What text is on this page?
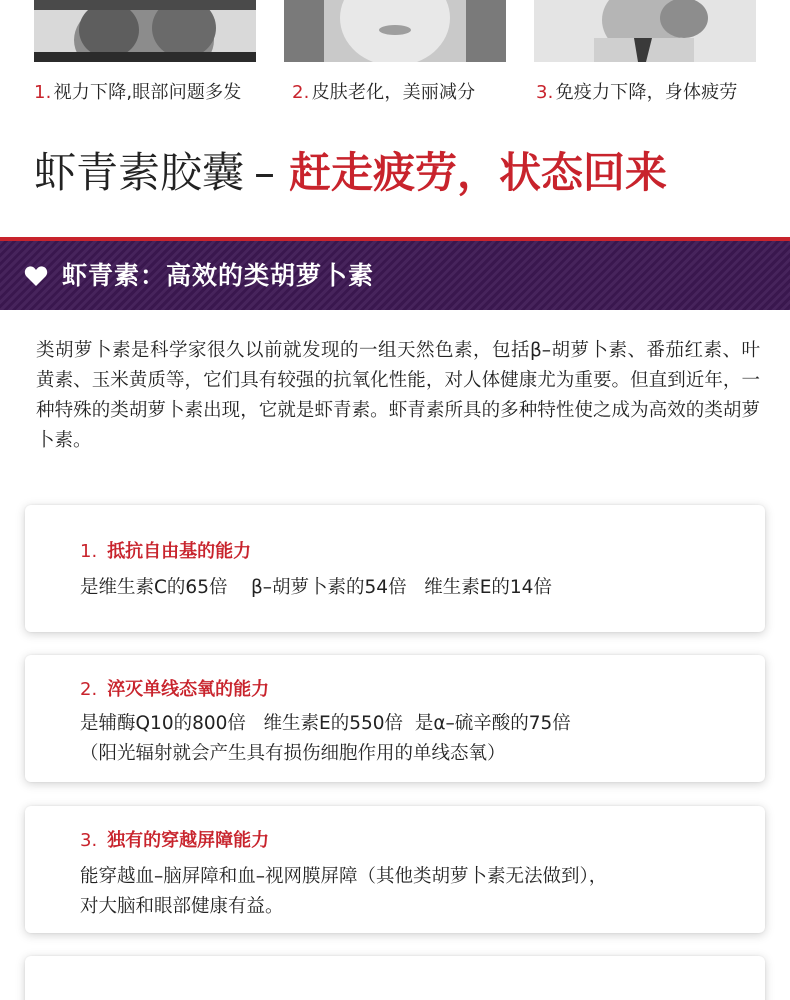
1. 视力下降,眼部问题多发	2. 皮肤老化，美丽减分	3. 免疫力下降，身体疲劳
虾青素胶囊 – 赶走疲劳，状态回来
虾青素：高效的类胡萝卜素

类胡萝卜素是科学家很久以前就发现的一组天然色素，包括β–胡萝卜素、番茄红素、叶黄素、玉米黄质等，它们具有较强的抗氧化性能，对人体健康尤为重要。但直到近年，一种特殊的类胡萝卜素出现，它就是虾青素。虾青素所具的多种特性使之成为高效的类胡萝卜素。

1. 抵抗自由基的能力
是维生素C的65倍    β–胡萝卜素的54倍   维生素E的14倍
2. 淬灭单线态氧的能力
是辅酶Q10的800倍   维生素E的550倍  是α–硫辛酸的75倍
（阳光辐射就会产生具有损伤细胞作用的单线态氧）
3. 独有的穿越屏障能力
能穿越血–脑屏障和血–视网膜屏障（其他类胡萝卜素无法做到），
对大脑和眼部健康有益。
